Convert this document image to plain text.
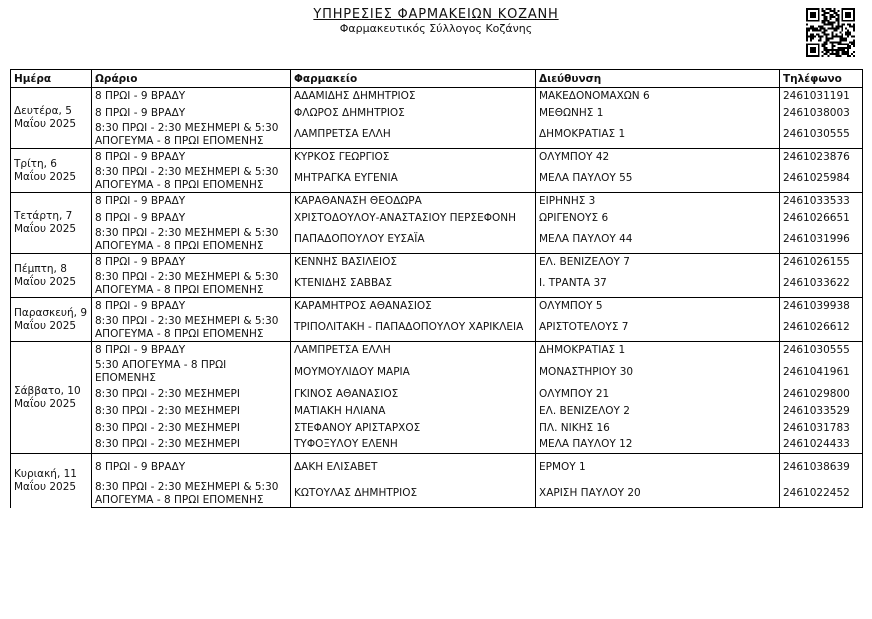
ΥΠΗΡΕΣΙΕΣ ΦΑΡΜΑΚΕΙΩΝ ΚΟΖΑΝΗ
Φαρμακευτικός Σύλλογος Κοζάνης
Ημέρα	Ωράριο	Φαρμακείο	Διεύθυνση	Τηλέφωνο
Δευτέρα, 5 Μαΐου 2025	8 ΠΡΩΙ - 9 ΒΡΑΔΥ	ΑΔΑΜΙΔΗΣ ΔΗΜΗΤΡΙΟΣ	ΜΑΚΕΔΟΝΟΜΑΧΩΝ 6	2461031191
	8 ΠΡΩΙ - 9 ΒΡΑΔΥ	ΦΛΩΡΟΣ ΔΗΜΗΤΡΙΟΣ	ΜΕΘΩΝΗΣ 1	2461038003
	8:30 ΠΡΩΙ - 2:30 ΜΕΣΗΜΕΡΙ & 5:30 ΑΠΟΓΕΥΜΑ - 8 ΠΡΩΙ ΕΠΟΜΕΝΗΣ	ΛΑΜΠΡΕΤΣΑ ΕΛΛΗ	ΔΗΜΟΚΡΑΤΙΑΣ 1	2461030555
Τρίτη, 6 Μαΐου 2025	8 ΠΡΩΙ - 9 ΒΡΑΔΥ	ΚΥΡΚΟΣ ΓΕΩΡΓΙΟΣ	ΟΛΥΜΠΟΥ 42	2461023876
	8:30 ΠΡΩΙ - 2:30 ΜΕΣΗΜΕΡΙ & 5:30 ΑΠΟΓΕΥΜΑ - 8 ΠΡΩΙ ΕΠΟΜΕΝΗΣ	ΜΗΤΡΑΓΚΑ ΕΥΓΕΝΙΑ	ΜΕΛΑ ΠΑΥΛΟΥ 55	2461025984
Τετάρτη, 7 Μαΐου 2025	8 ΠΡΩΙ - 9 ΒΡΑΔΥ	ΚΑΡΑΘΑΝΑΣΗ ΘΕΟΔΩΡΑ	ΕΙΡΗΝΗΣ 3	2461033533
	8 ΠΡΩΙ - 9 ΒΡΑΔΥ	ΧΡΙΣΤΟΔΟΥΛΟΥ-ΑΝΑΣΤΑΣΙΟΥ ΠΕΡΣΕΦΟΝΗ	ΩΡΙΓΕΝΟΥΣ 6	2461026651
	8:30 ΠΡΩΙ - 2:30 ΜΕΣΗΜΕΡΙ & 5:30 ΑΠΟΓΕΥΜΑ - 8 ΠΡΩΙ ΕΠΟΜΕΝΗΣ	ΠΑΠΑΔΟΠΟΥΛΟΥ ΕΥΣΑΪΑ	ΜΕΛΑ ΠΑΥΛΟΥ 44	2461031996
Πέμπτη, 8 Μαΐου 2025	8 ΠΡΩΙ - 9 ΒΡΑΔΥ	ΚΕΝΝΗΣ ΒΑΣΙΛΕΙΟΣ	ΕΛ. ΒΕΝΙΖΕΛΟΥ 7	2461026155
	8:30 ΠΡΩΙ - 2:30 ΜΕΣΗΜΕΡΙ & 5:30 ΑΠΟΓΕΥΜΑ - 8 ΠΡΩΙ ΕΠΟΜΕΝΗΣ	ΚΤΕΝΙΔΗΣ ΣΑΒΒΑΣ	Ι. ΤΡΑΝΤΑ 37	2461033622
Παρασκευή, 9 Μαΐου 2025	8 ΠΡΩΙ - 9 ΒΡΑΔΥ	ΚΑΡΑΜΗΤΡΟΣ ΑΘΑΝΑΣΙΟΣ	ΟΛΥΜΠΟΥ 5	2461039938
	8:30 ΠΡΩΙ - 2:30 ΜΕΣΗΜΕΡΙ & 5:30 ΑΠΟΓΕΥΜΑ - 8 ΠΡΩΙ ΕΠΟΜΕΝΗΣ	ΤΡΙΠΟΛΙΤΑΚΗ - ΠΑΠΑΔΟΠΟΥΛΟΥ ΧΑΡΙΚΛΕΙΑ	ΑΡΙΣΤΟΤΕΛΟΥΣ 7	2461026612
Σάββατο, 10 Μαΐου 2025	8 ΠΡΩΙ - 9 ΒΡΑΔΥ	ΛΑΜΠΡΕΤΣΑ ΕΛΛΗ	ΔΗΜΟΚΡΑΤΙΑΣ 1	2461030555
	5:30 ΑΠΟΓΕΥΜΑ - 8 ΠΡΩΙ ΕΠΟΜΕΝΗΣ	ΜΟΥΜΟΥΛΙΔΟΥ ΜΑΡΙΑ	ΜΟΝΑΣΤΗΡΙΟΥ 30	2461041961
	8:30 ΠΡΩΙ - 2:30 ΜΕΣΗΜΕΡΙ	ΓΚΙΝΟΣ ΑΘΑΝΑΣΙΟΣ	ΟΛΥΜΠΟΥ 21	2461029800
	8:30 ΠΡΩΙ - 2:30 ΜΕΣΗΜΕΡΙ	ΜΑΤΙΑΚΗ ΗΛΙΑΝΑ	ΕΛ. ΒΕΝΙΖΕΛΟΥ 2	2461033529
	8:30 ΠΡΩΙ - 2:30 ΜΕΣΗΜΕΡΙ	ΣΤΕΦΑΝΟΥ ΑΡΙΣΤΑΡΧΟΣ	ΠΛ. ΝΙΚΗΣ 16	2461031783
	8:30 ΠΡΩΙ - 2:30 ΜΕΣΗΜΕΡΙ	ΤΥΦΟΞΥΛΟΥ ΕΛΕΝΗ	ΜΕΛΑ ΠΑΥΛΟΥ 12	2461024433
Κυριακή, 11 Μαΐου 2025	8 ΠΡΩΙ - 9 ΒΡΑΔΥ	ΔΑΚΗ ΕΛΙΣΑΒΕΤ	ΕΡΜΟΥ 1	2461038639
	8:30 ΠΡΩΙ - 2:30 ΜΕΣΗΜΕΡΙ & 5:30 ΑΠΟΓΕΥΜΑ - 8 ΠΡΩΙ ΕΠΟΜΕΝΗΣ	ΚΩΤΟΥΛΑΣ ΔΗΜΗΤΡΙΟΣ	ΧΑΡΙΣΗ ΠΑΥΛΟΥ 20	2461022452
